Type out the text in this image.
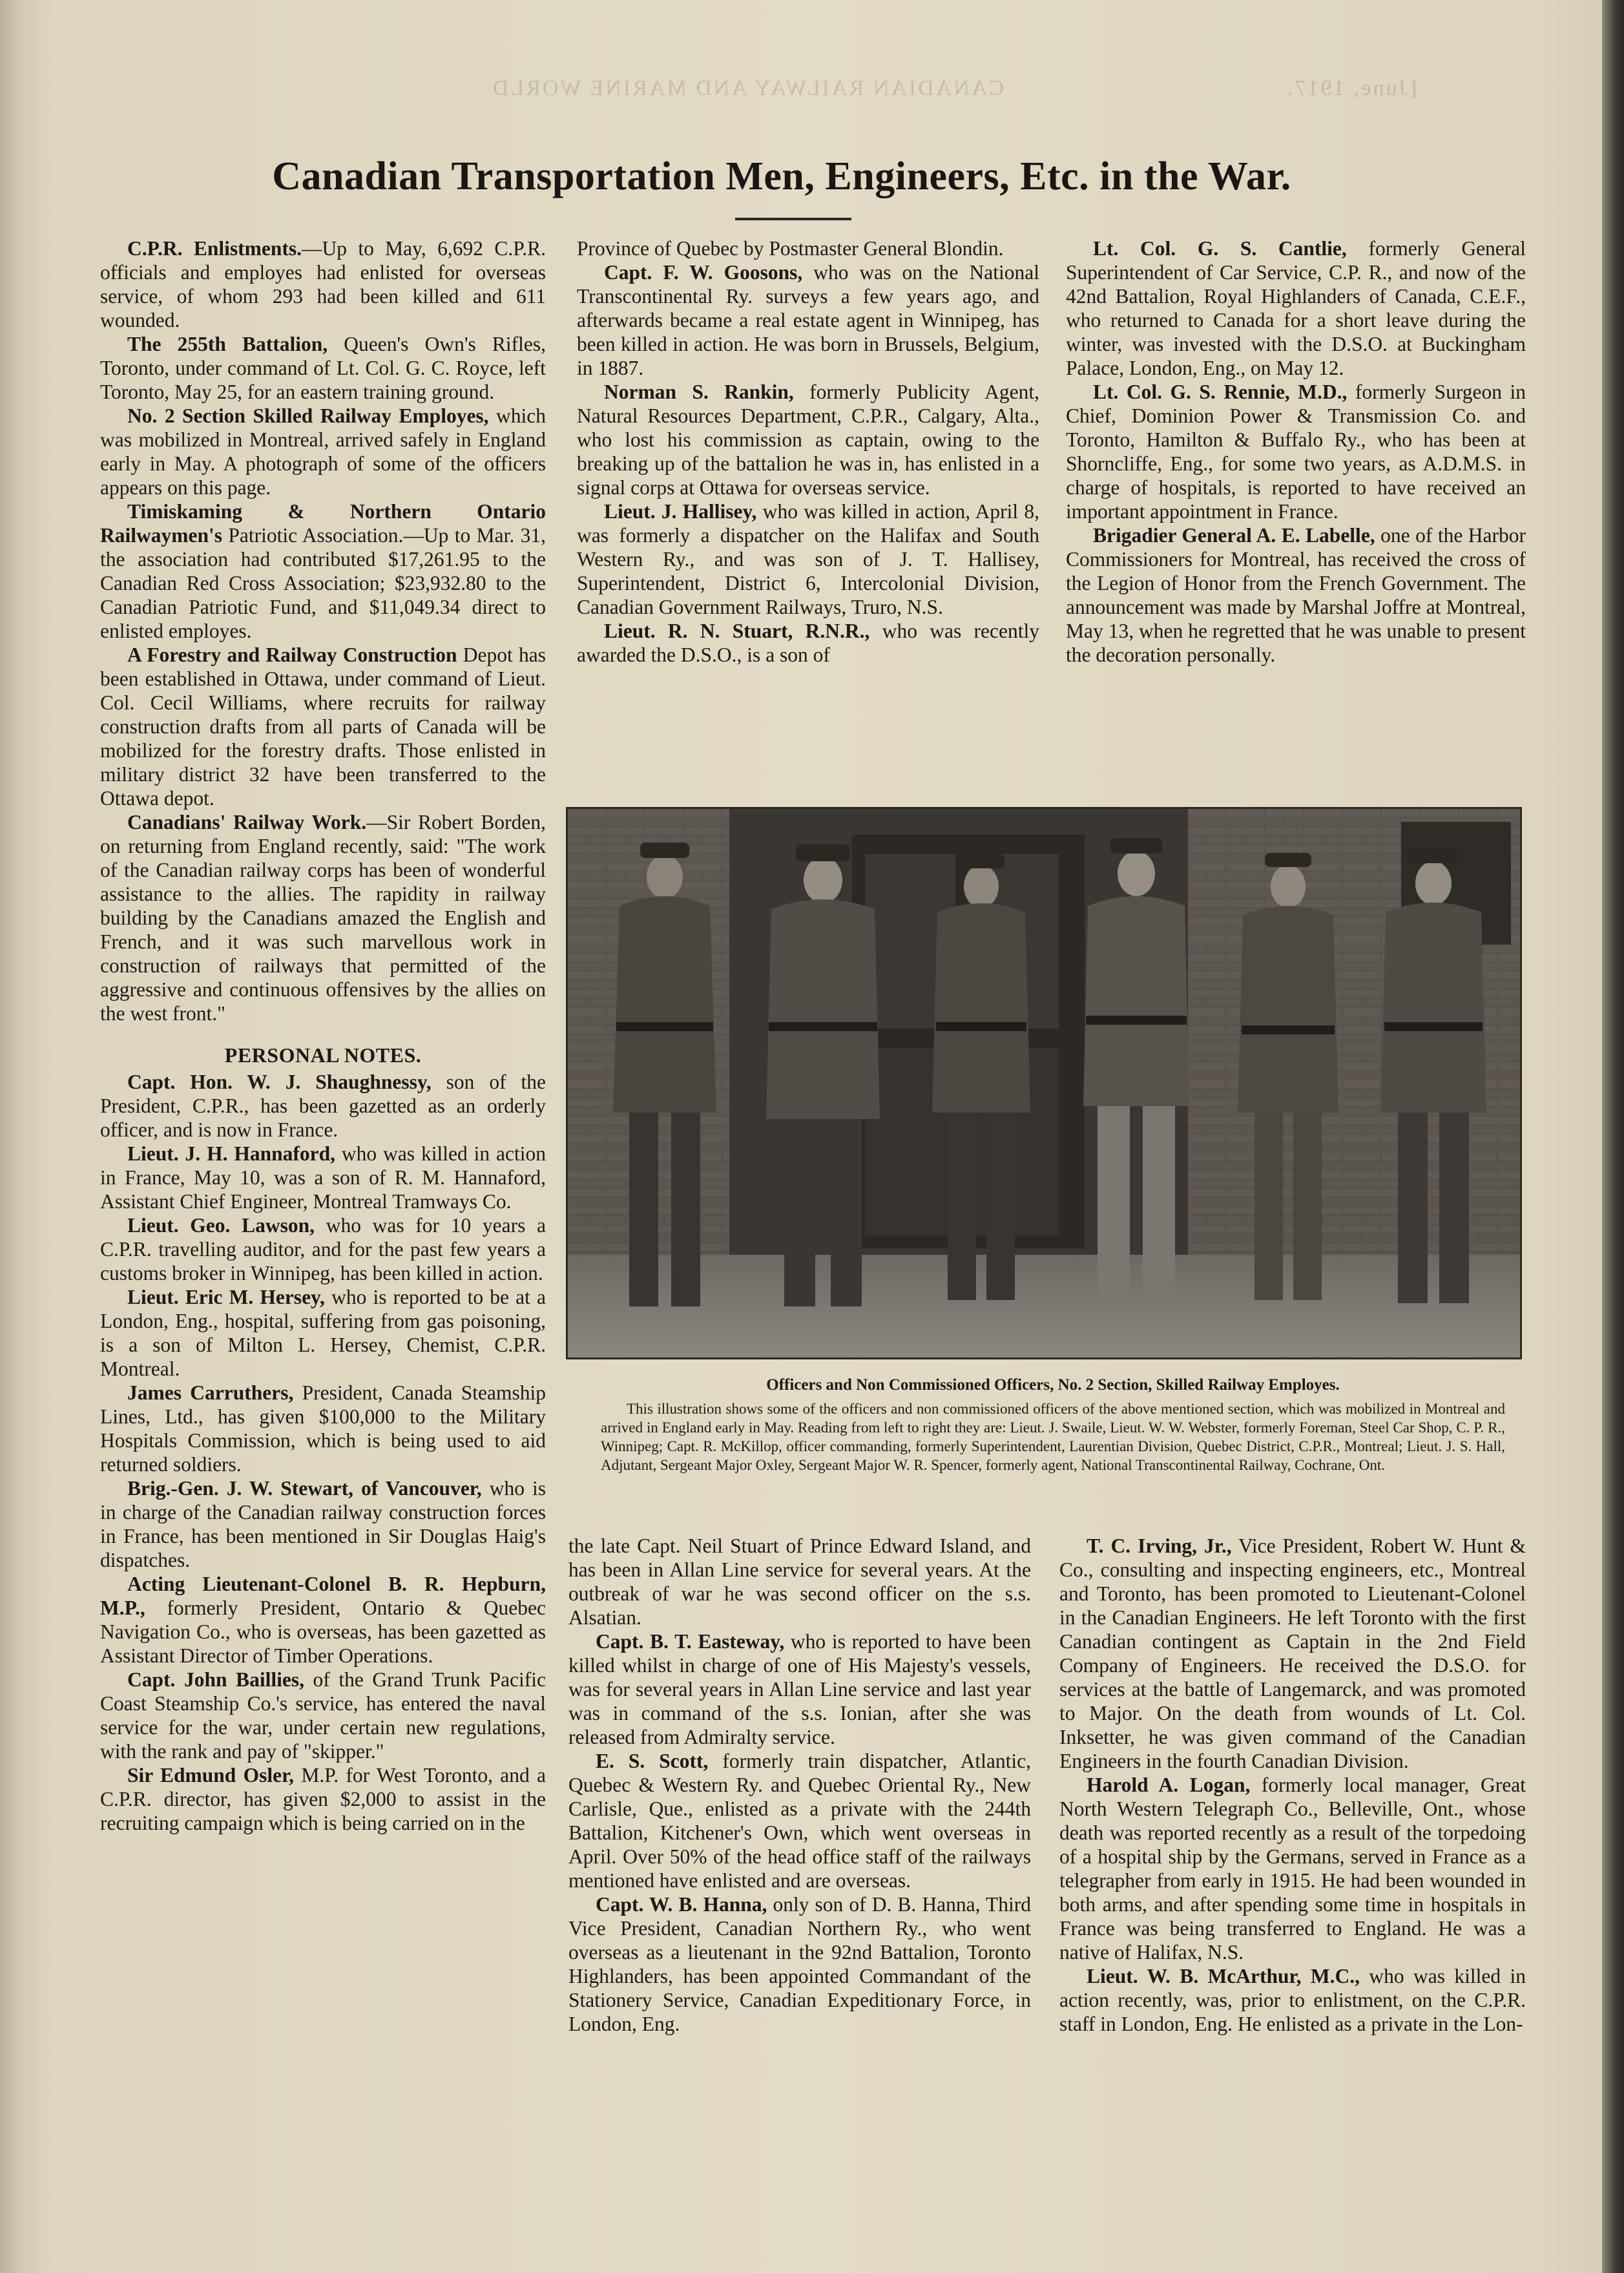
[June, 1917.
CANADIAN RAILWAY AND MARINE WORLD
Canadian Transportation Men, Engineers, Etc. in the War.

C.P.R. Enlistments.—Up to May, 6,692 C.P.R. officials and employes had enlisted for overseas service, of whom 293 had been killed and 611 wounded.

The 255th Battalion, Queen's Own's Rifles, Toronto, under command of Lt. Col. G. C. Royce, left Toronto, May 25, for an eastern training ground.

No. 2 Section Skilled Railway Employes, which was mobilized in Montreal, arrived safely in England early in May. A photograph of some of the officers appears on this page.

Timiskaming & Northern Ontario Railwaymen's Patriotic Association.—Up to Mar. 31, the association had contributed $17,261.95 to the Canadian Red Cross Association; $23,932.80 to the Canadian Patriotic Fund, and $11,049.34 direct to enlisted employes.

A Forestry and Railway Construction Depot has been established in Ottawa, under command of Lieut. Col. Cecil Williams, where recruits for railway construction drafts from all parts of Canada will be mobilized for the forestry drafts. Those enlisted in military district 32 have been transferred to the Ottawa depot.

Canadians' Railway Work.—Sir Robert Borden, on returning from England recently, said: "The work of the Canadian railway corps has been of wonderful assistance to the allies. The rapidity in railway building by the Canadians amazed the English and French, and it was such marvellous work in construction of railways that permitted of the aggressive and continuous offensives by the allies on the west front."

PERSONAL NOTES.

Capt. Hon. W. J. Shaughnessy, son of the President, C.P.R., has been gazetted as an orderly officer, and is now in France.

Lieut. J. H. Hannaford, who was killed in action in France, May 10, was a son of R. M. Hannaford, Assistant Chief Engineer, Montreal Tramways Co.

Lieut. Geo. Lawson, who was for 10 years a C.P.R. travelling auditor, and for the past few years a customs broker in Winnipeg, has been killed in action.

Lieut. Eric M. Hersey, who is reported to be at a London, Eng., hospital, suffering from gas poisoning, is a son of Milton L. Hersey, Chemist, C.P.R. Montreal.

James Carruthers, President, Canada Steamship Lines, Ltd., has given $100,000 to the Military Hospitals Commission, which is being used to aid returned soldiers.

Brig.-Gen. J. W. Stewart, of Vancouver, who is in charge of the Canadian railway construction forces in France, has been mentioned in Sir Douglas Haig's dispatches.

Acting Lieutenant-Colonel B. R. Hepburn, M.P., formerly President, Ontario & Quebec Navigation Co., who is overseas, has been gazetted as Assistant Director of Timber Operations.

Capt. John Baillies, of the Grand Trunk Pacific Coast Steamship Co.'s service, has entered the naval service for the war, under certain new regulations, with the rank and pay of "skipper."

Sir Edmund Osler, M.P. for West Toronto, and a C.P.R. director, has given $2,000 to assist in the recruiting campaign which is being carried on in the

Province of Quebec by Postmaster General Blondin.

Capt. F. W. Goosons, who was on the National Transcontinental Ry. surveys a few years ago, and afterwards became a real estate agent in Winnipeg, has been killed in action. He was born in Brussels, Belgium, in 1887.

Norman S. Rankin, formerly Publicity Agent, Natural Resources Department, C.P.R., Calgary, Alta., who lost his commission as captain, owing to the breaking up of the battalion he was in, has enlisted in a signal corps at Ottawa for overseas service.

Lieut. J. Hallisey, who was killed in action, April 8, was formerly a dispatcher on the Halifax and South Western Ry., and was son of J. T. Hallisey, Superintendent, District 6, Intercolonial Division, Canadian Government Railways, Truro, N.S.

Lieut. R. N. Stuart, R.N.R., who was recently awarded the D.S.O., is a son of

Lt. Col. G. S. Cantlie, formerly General Superintendent of Car Service, C.P. R., and now of the 42nd Battalion, Royal Highlanders of Canada, C.E.F., who returned to Canada for a short leave during the winter, was invested with the D.S.O. at Buckingham Palace, London, Eng., on May 12.

Lt. Col. G. S. Rennie, M.D., formerly Surgeon in Chief, Dominion Power & Transmission Co. and Toronto, Hamilton & Buffalo Ry., who has been at Shorncliffe, Eng., for some two years, as A.D.M.S. in charge of hospitals, is reported to have received an important appointment in France.

Brigadier General A. E. Labelle, one of the Harbor Commissioners for Montreal, has received the cross of the Legion of Honor from the French Government. The announcement was made by Marshal Joffre at Montreal, May 13, when he regretted that he was unable to present the decoration personally.

Officers and Non Commissioned Officers, No. 2 Section, Skilled Railway Employes.

This illustration shows some of the officers and non commissioned officers of the above mentioned section, which was mobilized in Montreal and arrived in England early in May. Reading from left to right they are: Lieut. J. Swaile, Lieut. W. W. Webster, formerly Foreman, Steel Car Shop, C. P. R., Winnipeg; Capt. R. McKillop, officer commanding, formerly Superintendent, Laurentian Division, Quebec District, C.P.R., Montreal; Lieut. J. S. Hall, Adjutant, Sergeant Major Oxley, Sergeant Major W. R. Spencer, formerly agent, National Transcontinental Railway, Cochrane, Ont.

the late Capt. Neil Stuart of Prince Edward Island, and has been in Allan Line service for several years. At the outbreak of war he was second officer on the s.s. Alsatian.

Capt. B. T. Easteway, who is reported to have been killed whilst in charge of one of His Majesty's vessels, was for several years in Allan Line service and last year was in command of the s.s. Ionian, after she was released from Admiralty service.

E. S. Scott, formerly train dispatcher, Atlantic, Quebec & Western Ry. and Quebec Oriental Ry., New Carlisle, Que., enlisted as a private with the 244th Battalion, Kitchener's Own, which went overseas in April. Over 50% of the head office staff of the railways mentioned have enlisted and are overseas.

Capt. W. B. Hanna, only son of D. B. Hanna, Third Vice President, Canadian Northern Ry., who went overseas as a lieutenant in the 92nd Battalion, Toronto Highlanders, has been appointed Commandant of the Stationery Service, Canadian Expeditionary Force, in London, Eng.

T. C. Irving, Jr., Vice President, Robert W. Hunt & Co., consulting and inspecting engineers, etc., Montreal and Toronto, has been promoted to Lieutenant-Colonel in the Canadian Engineers. He left Toronto with the first Canadian contingent as Captain in the 2nd Field Company of Engineers. He received the D.S.O. for services at the battle of Langemarck, and was promoted to Major. On the death from wounds of Lt. Col. Inksetter, he was given command of the Canadian Engineers in the fourth Canadian Division.

Harold A. Logan, formerly local manager, Great North Western Telegraph Co., Belleville, Ont., whose death was reported recently as a result of the torpedoing of a hospital ship by the Germans, served in France as a telegrapher from early in 1915. He had been wounded in both arms, and after spending some time in hospitals in France was being transferred to England. He was a native of Halifax, N.S.

Lieut. W. B. McArthur, M.C., who was killed in action recently, was, prior to enlistment, on the C.P.R. staff in London, Eng. He enlisted as a private in the Lon-
